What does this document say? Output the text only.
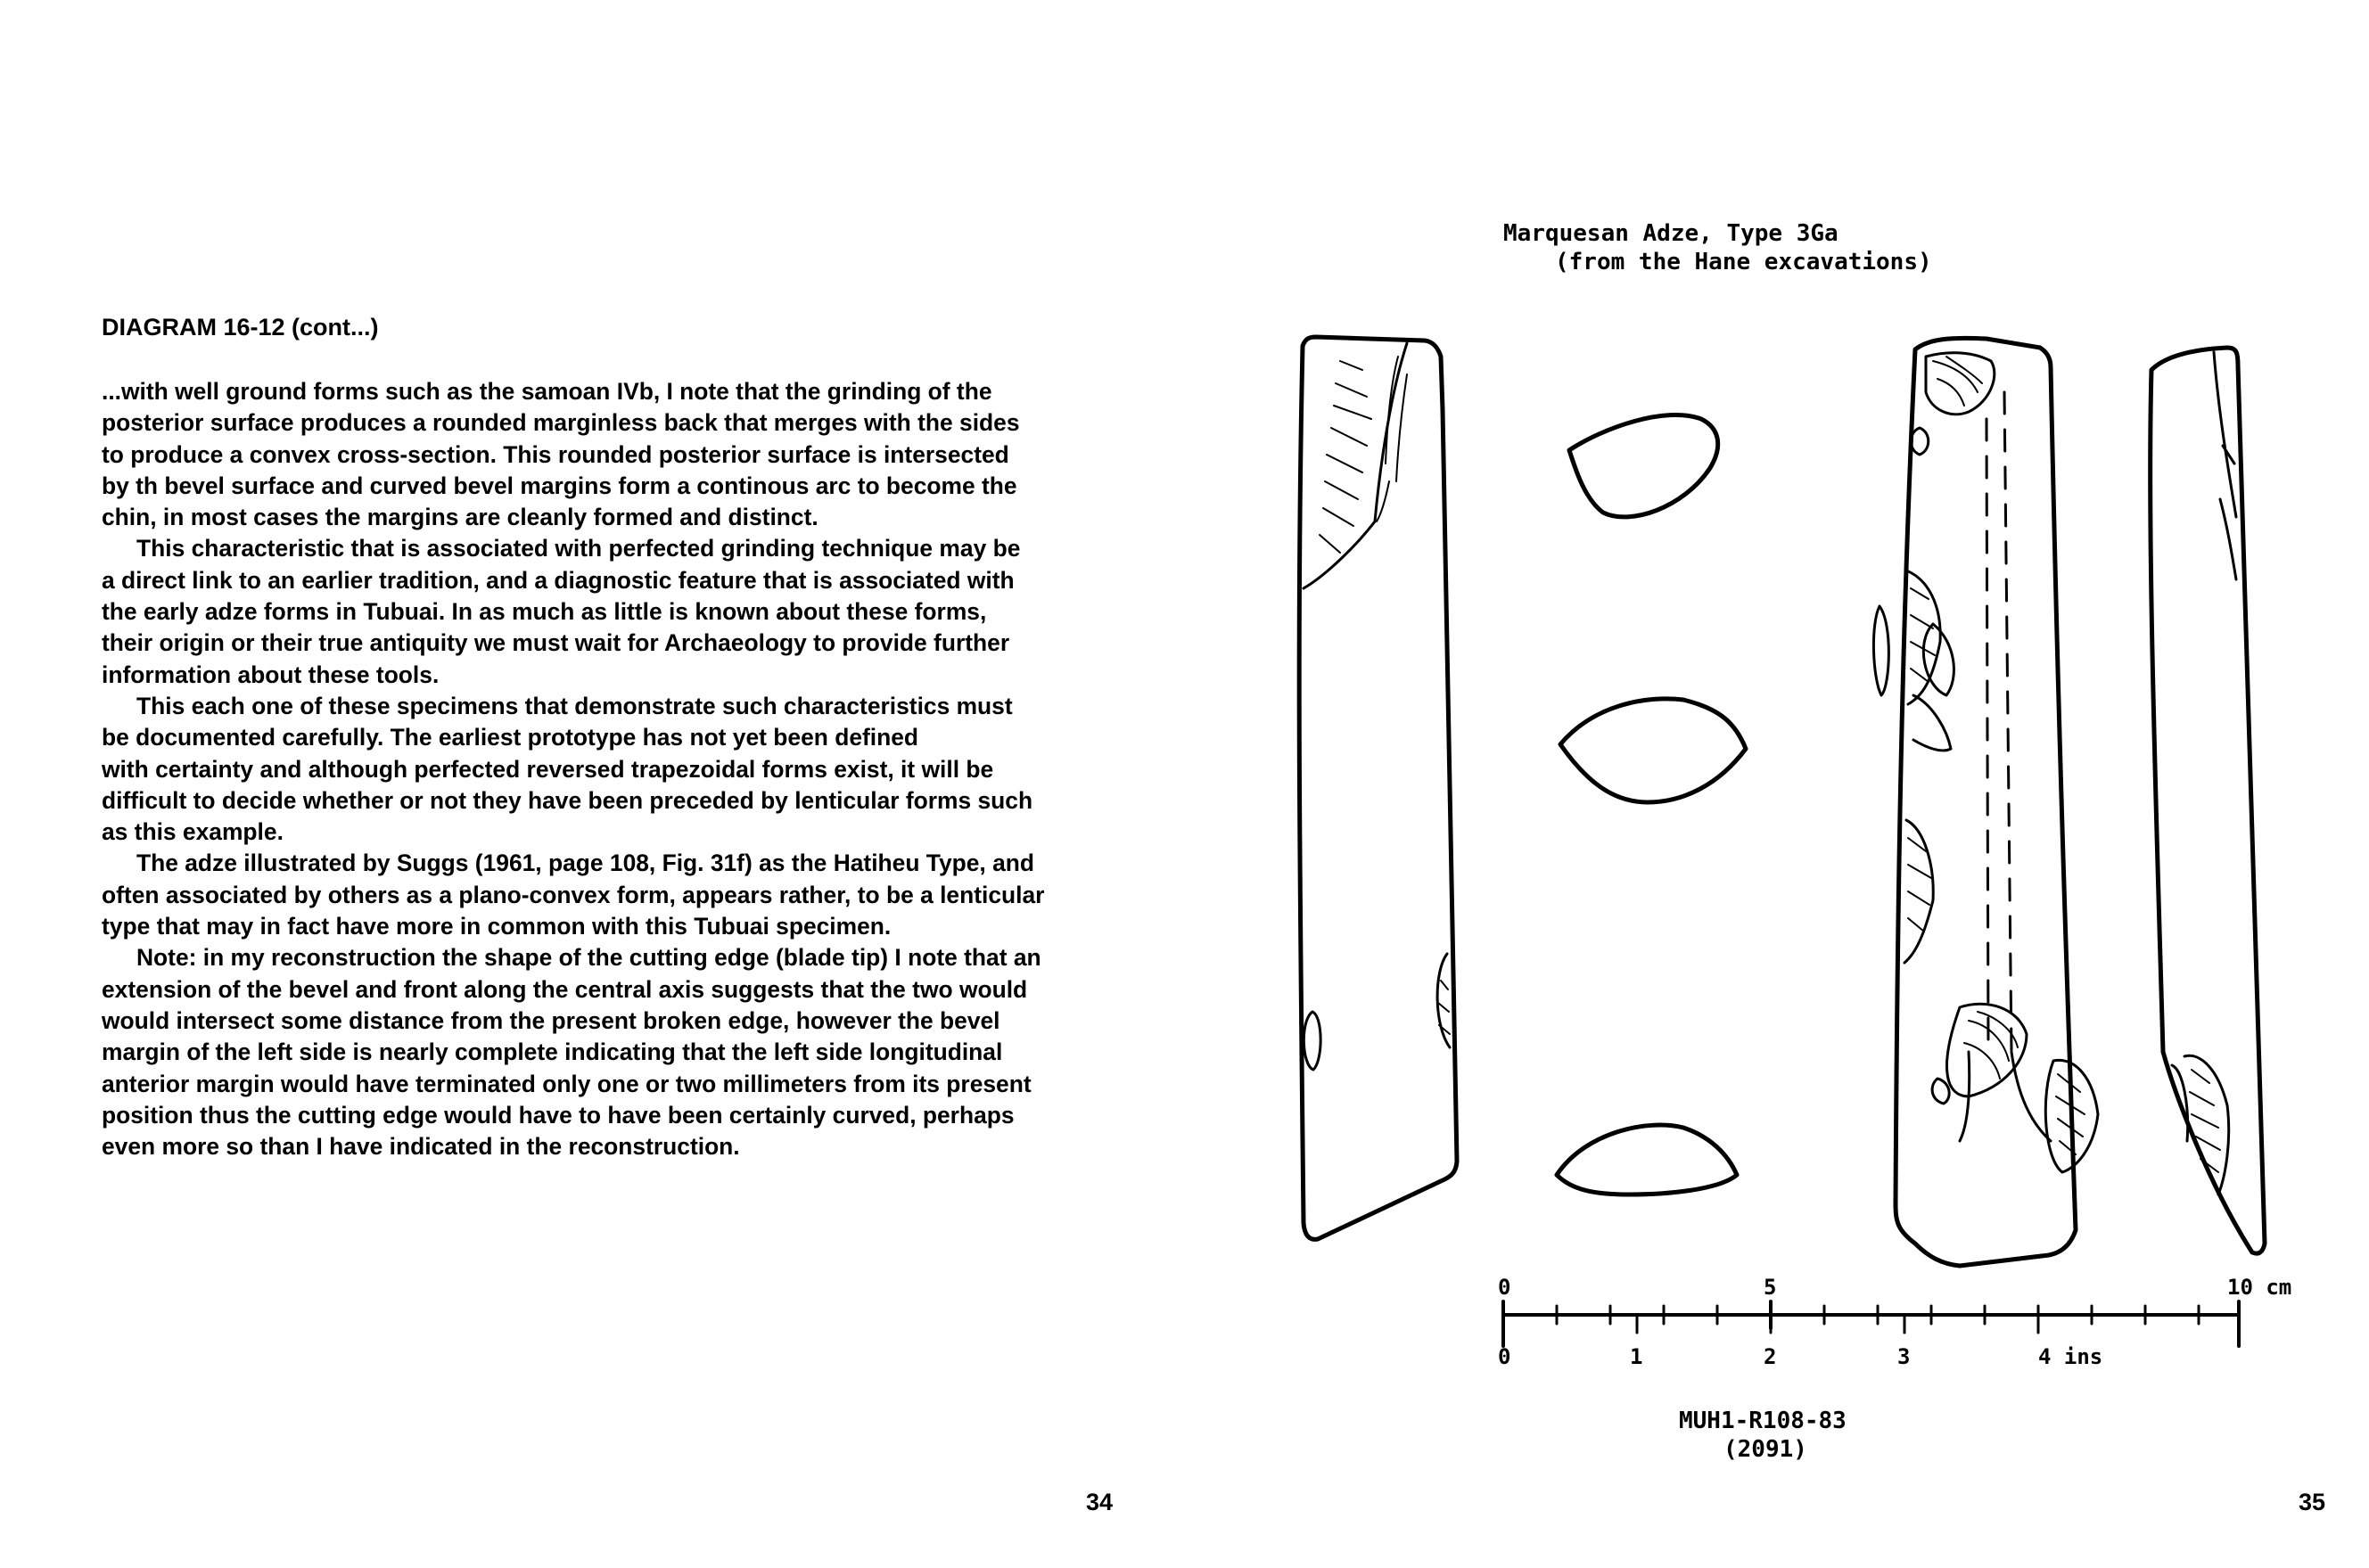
DIAGRAM 16-12 (cont...)
...with well ground forms such as the samoan IVb, I note that the grinding of the
posterior surface produces a rounded marginless back that merges with the sides
to produce a convex cross-section. This rounded posterior surface is intersected
by th bevel surface and curved bevel margins form a continous arc to become the
chin, in most cases the margins are cleanly formed and distinct.
This characteristic that is associated with perfected grinding technique may be
a direct link to an earlier tradition, and a diagnostic feature that is associated with
the early adze forms in Tubuai. In as much as little is known about these forms,
their origin or their true antiquity we must wait for Archaeology to provide further
information about these tools.
This each one of these specimens that demonstrate such characteristics must
be documented carefully. The earliest prototype has not yet been defined
with certainty and although perfected reversed trapezoidal forms exist, it will be
difficult to decide whether or not they have been preceded by lenticular forms such
as this example.
The adze illustrated by Suggs (1961, page 108, Fig. 31f) as the Hatiheu Type, and
often associated by others as a plano-convex form, appears rather, to be a lenticular
type that may in fact have more in common with this Tubuai specimen.
Note: in my reconstruction the shape of the cutting edge (blade tip) I note that an
extension of the bevel and front along the central axis suggests that the two would
would intersect some distance from the present broken edge, however the bevel
margin of the left side is nearly complete indicating that the left side longitudinal
anterior margin would have terminated only one or two millimeters from its present
position thus the cutting edge would have to have been certainly curved, perhaps
even more so than I have indicated in the reconstruction.
34
Marquesan Adze, Type 3Ga
(from the Hane excavations)
0	5	10 cm
0	1	2	3	4 ins
MUH1-R108-83
(2091)
35
